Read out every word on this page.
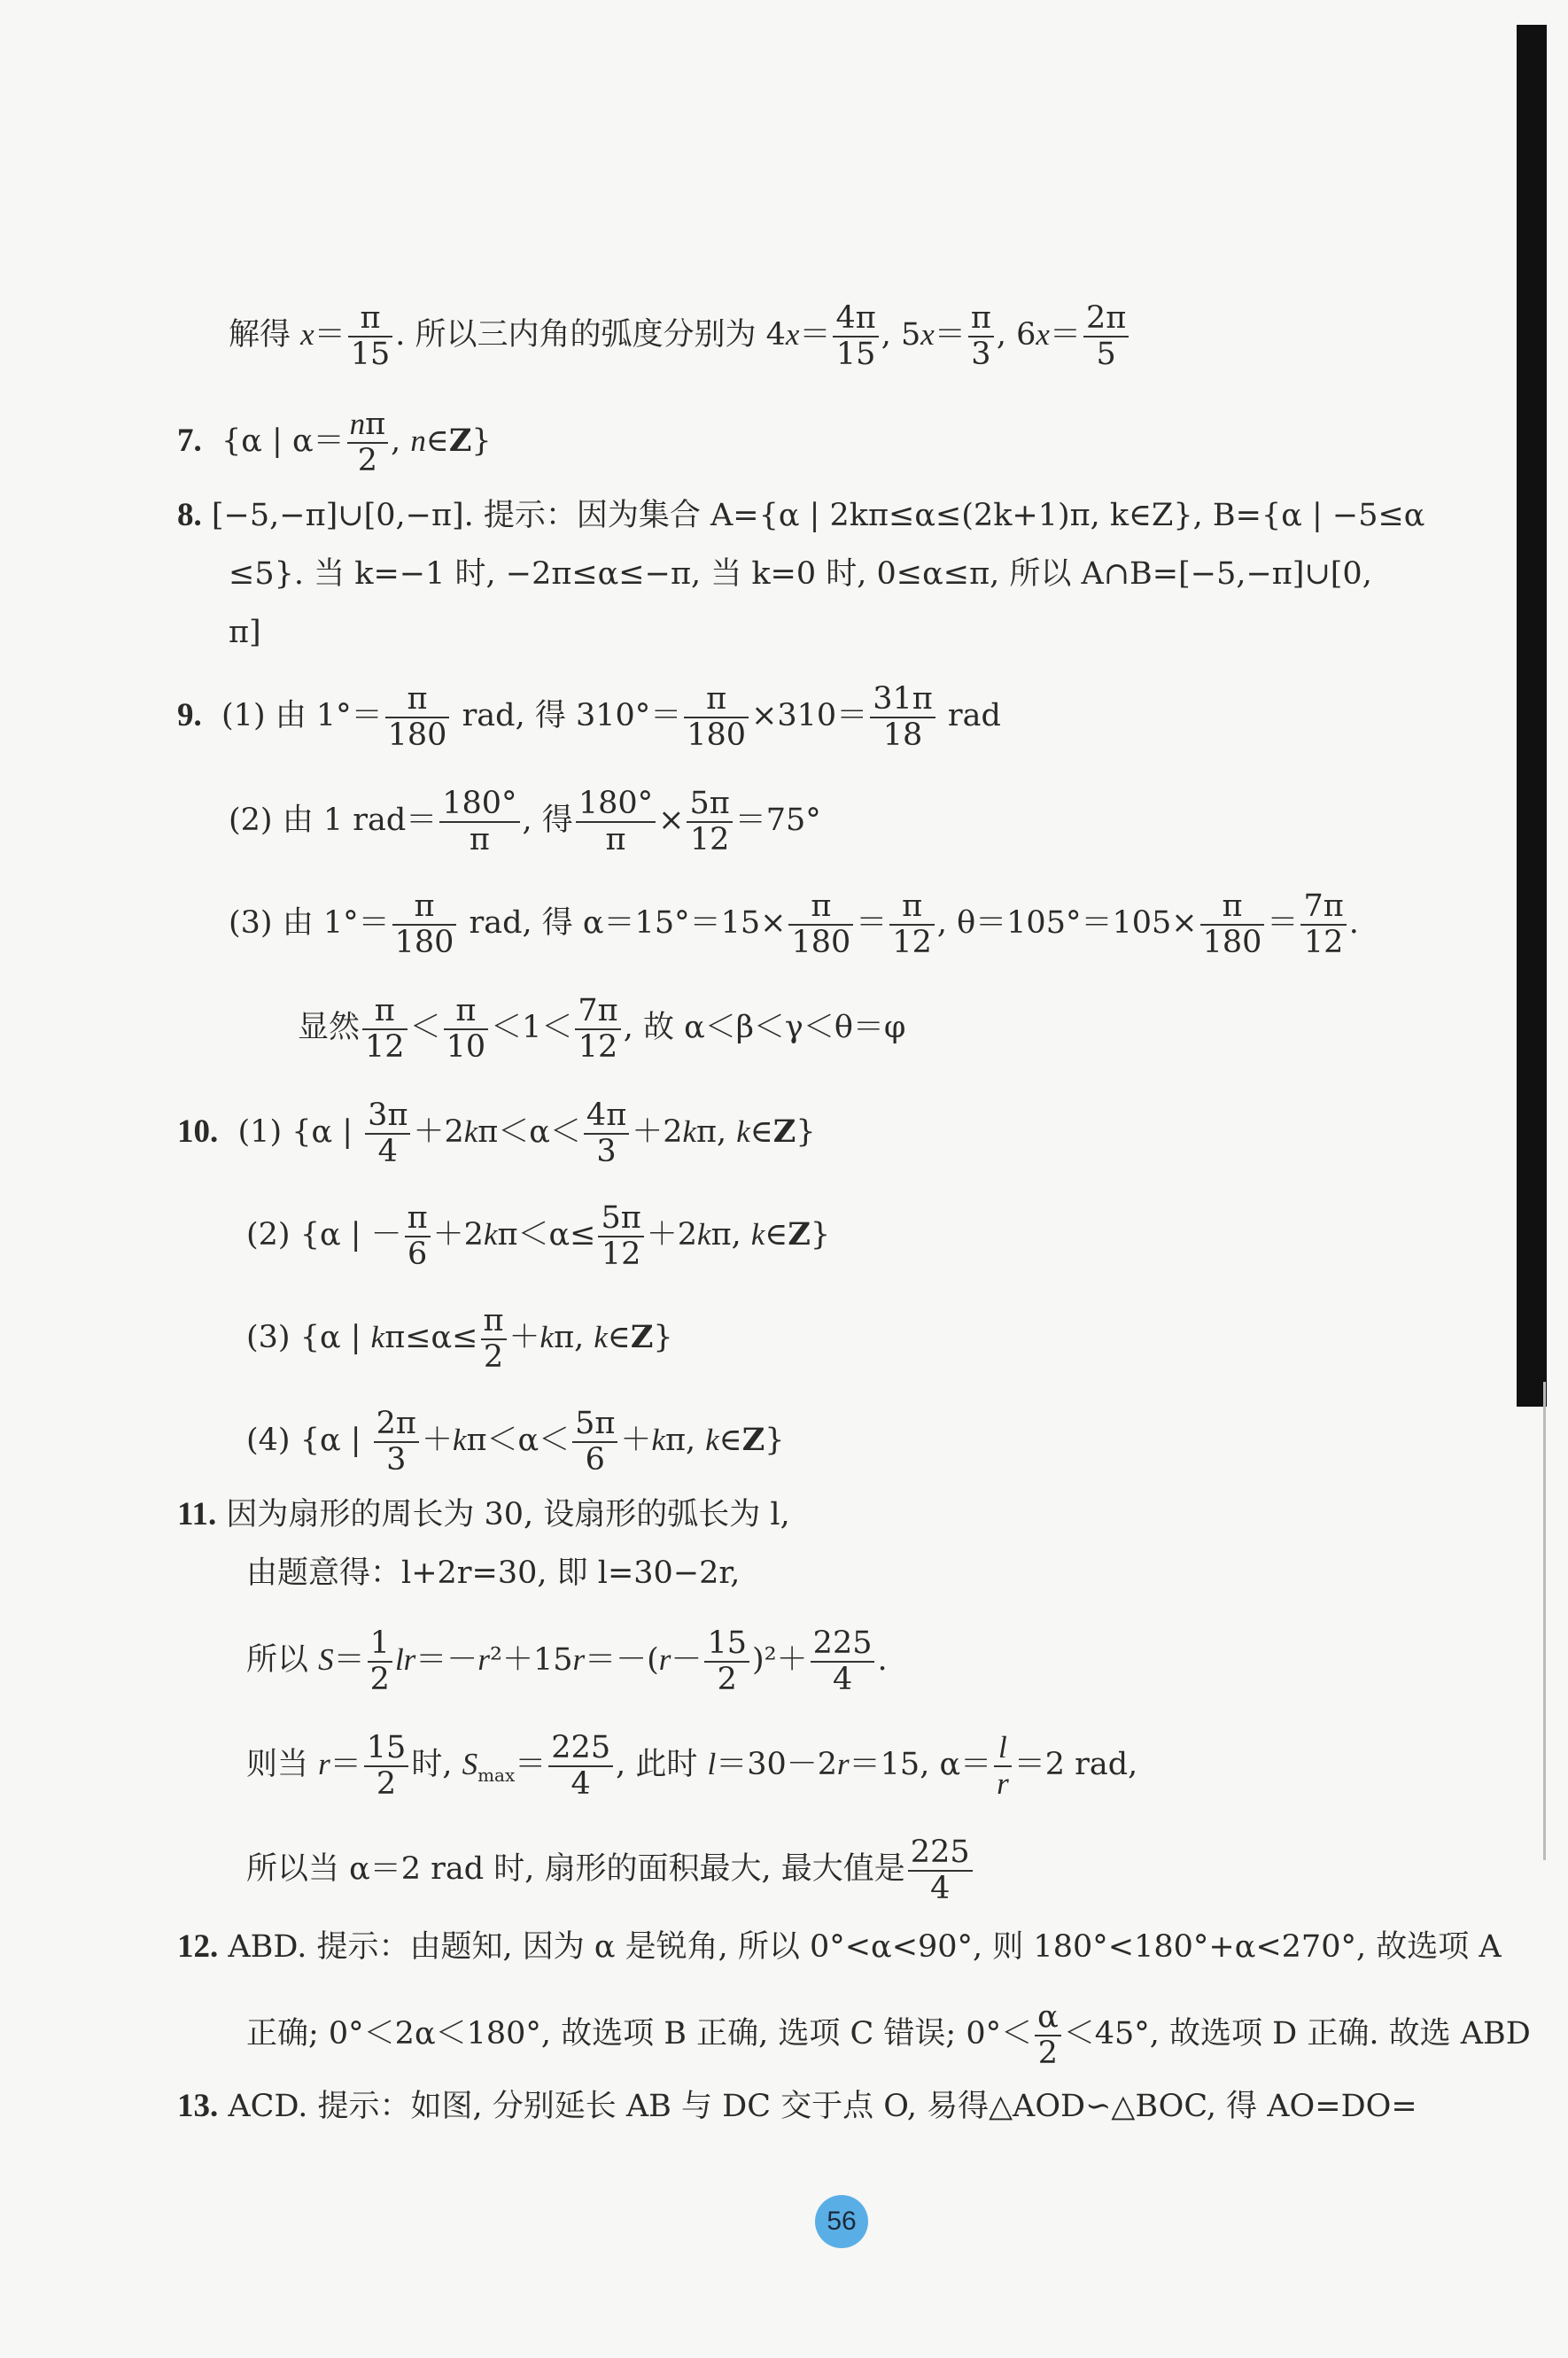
解得 $x= \frac{\pi}{15}$ . 所以三内角的弧度分别为 $4x= \frac{4\pi}{15}$ , $5x= \frac{\pi}{3}$ , $6x= \frac{2\pi}{5}$
7.  {α | $\alpha= \frac{n\pi}{2}$ , n∈Z}
8. [−5,−π]∪[0,−π]. 提示：因为集合 A={α | 2kπ≤α≤(2k+1)π, k∈Z}, B={α | −5≤α
≤5}. 当 k=−1 时, −2π≤α≤−π, 当 k=0 时, 0≤α≤π, 所以 A∩B=[−5,−π]∪[0,
π]
9.  (1) 由 $1^\circ= \frac{\pi}{180}$ rad, 得 $310^\circ= \frac{\pi}{180} \times 310= \frac{31\pi}{18}$ rad
(2) 由 1 $rad= \frac{180^\circ}{\pi}$ , 得 $\frac{180^\circ}{\pi} \times \frac{5\pi}{12} =75^\circ$
(3) 由 $1^\circ= \frac{\pi}{180}$ rad, 得 $\alpha=15^\circ=15\times \frac{\pi}{180} = \frac{\pi}{12}$ , $\theta=105^\circ=105\times \frac{\pi}{180} = \frac{7\pi}{12}$ .
显然 $\frac{\pi}{12} < \frac{\pi}{10} <1< \frac{7\pi}{12}$ , 故 α＜β＜γ＜θ＝φ
10.  (1) {α | $\frac{3\pi}{4} +2k\pi<\alpha< \frac{4\pi}{3} +2k\pi$, k∈Z}
(2) {α | － $\frac{\pi}{6} +2k\pi<\alpha\le \frac{5\pi}{12} +2k\pi$, k∈Z}
(3) {α | $k\pi\le\alpha\le \frac{\pi}{2} +k\pi$, k∈Z}
(4) {α | $\frac{2\pi}{3} +k\pi<\alpha< \frac{5\pi}{6} +k\pi$, k∈Z}
11. 因为扇形的周长为 30, 设扇形的弧长为 l,
由题意得：l+2r=30, 即 l=30−2r,
所以 $S= \frac{1}{2} lr=-r^2+15r=-(r- \frac{15}{2} )^2+ \frac{225}{4}$ .
则当 $r= \frac{15}{2}$ 时, $S_{max}= \frac{225}{4}$ , 此时 l＝30－2r＝15, $\alpha= \frac{l}{r} =2$ rad,
所以当 α＝2 rad 时, 扇形的面积最大, 最大值是 $\frac{225}{4}$
12. ABD. 提示：由题知, 因为 α 是锐角, 所以 0°<α<90°, 则 180°<180°+α<270°, 故选项 A
正确; 0°＜2α＜180°, 故选项 B 正确, 选项 C 错误; $0^\circ< \frac{\alpha}{2} <45^\circ$, 故选项 D 正确. 故选 ABD
13. ACD. 提示：如图, 分别延长 AB 与 DC 交于点 O, 易得△AOD∽△BOC, 得 AO=DO=
56
